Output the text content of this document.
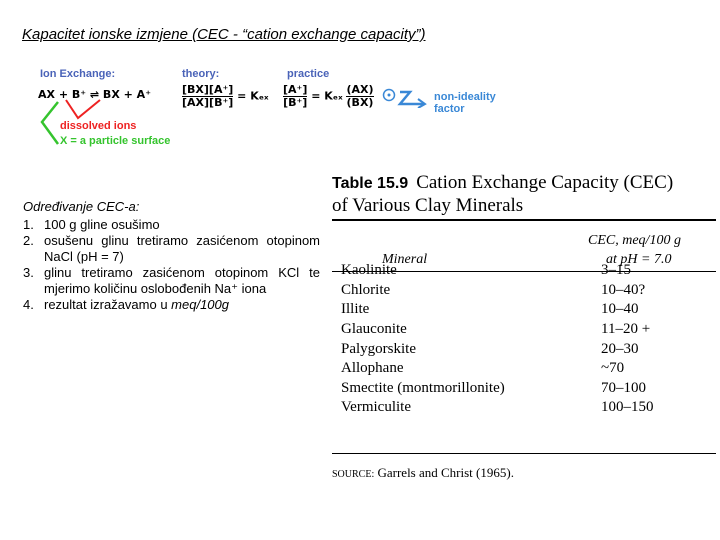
Kapacitet ionske izmjene (CEC - “cation exchange capacity”)
Ion Exchange:	theory:	practice
AX + B⁺ ⇌ BX + A⁺	$\frac{[BX][A^+]}{[AX][B^+]} = K_{ex} \frac{[A^+]}{[B^+]} = K_{ex} \frac{(AX)}{(BX)}$	non-ideality
factor
dissolved ions
X = a particle surface
Određivanje CEC-a:
1. 100 g gline osušimo
2. osušenu glinu tretiramo zasićenom otopinom NaCl (pH = 7)
3. glinu tretiramo zasićenom otopinom KCl te mjerimo količinu oslobođenih Na⁺ iona
4. rezultat izražavamo u meq/100g
Table 15.9 Cation Exchange Capacity (CEC)
of Various Clay Minerals
CEC, meq/100 g
Mineral	at pH = 7.0
Kaolinite	3–15
Chlorite	10–40?
Illite	10–40
Glauconite	11–20 +
Palygorskite	20–30
Allophane	~70
Smectite (montmorillonite)	70–100
Vermiculite	100–150
SOURCE: Garrels and Christ (1965).
